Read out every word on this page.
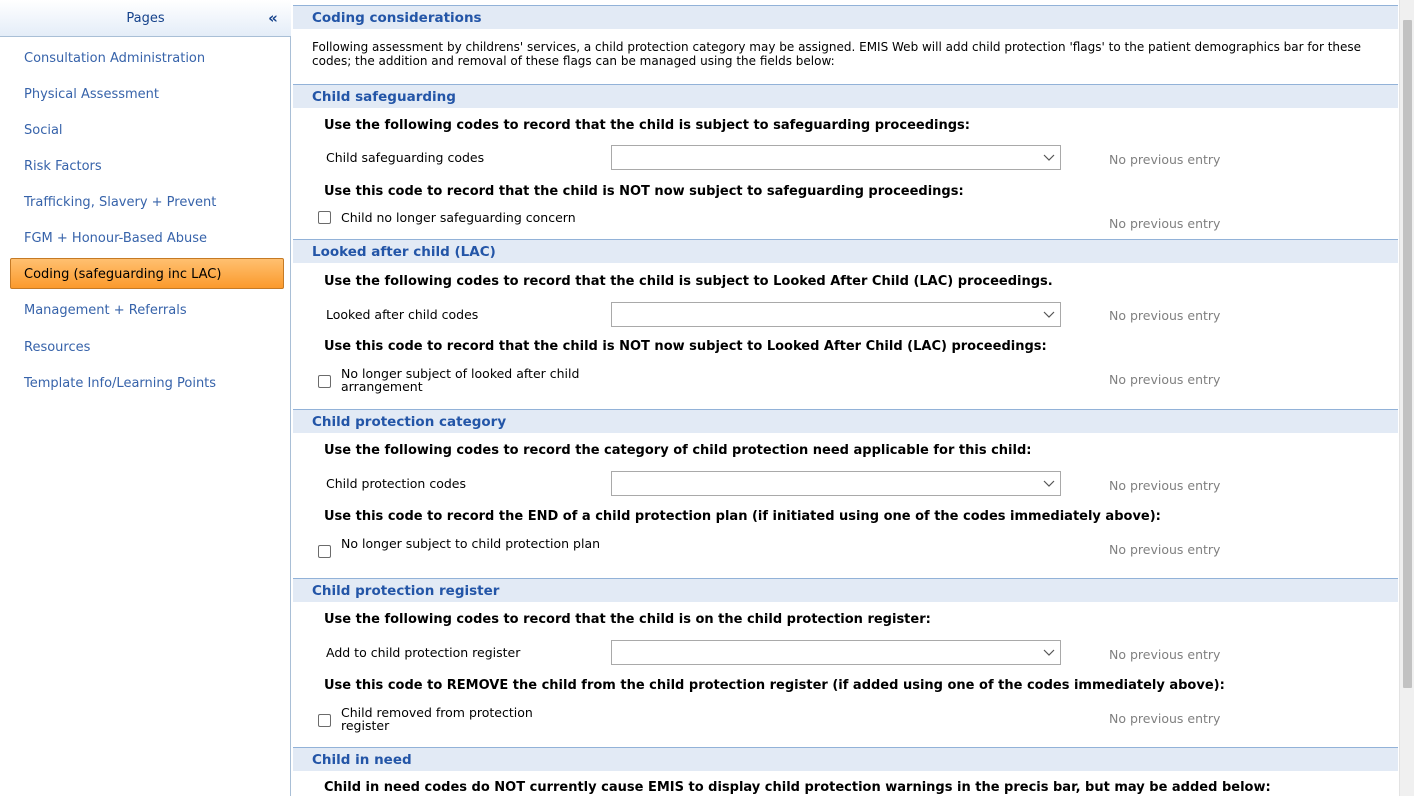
Pages	«
Consultation Administration
Physical Assessment
Social
Risk Factors
Trafficking, Slavery + Prevent
FGM + Honour-Based Abuse
Coding (safeguarding inc LAC)
Management + Referrals
Resources
Template Info/Learning Points
Coding considerations
Following assessment by childrens' services, a child protection category may be assigned. EMIS Web will add child protection 'flags' to the patient demographics bar for these codes; the addition and removal of these flags can be managed using the fields below:
Child safeguarding
Use the following codes to record that the child is subject to safeguarding proceedings:
Child safeguarding codes	No previous entry
Use this code to record that the child is NOT now subject to safeguarding proceedings:
Child no longer safeguarding concern	No previous entry
Looked after child (LAC)
Use the following codes to record that the child is subject to Looked After Child (LAC) proceedings.
Looked after child codes	No previous entry
Use this code to record that the child is NOT now subject to Looked After Child (LAC) proceedings:
No longer subject of looked after child arrangement	No previous entry
Child protection category
Use the following codes to record the category of child protection need applicable for this child:
Child protection codes	No previous entry
Use this code to record the END of a child protection plan (if initiated using one of the codes immediately above):
No longer subject to child protection plan	No previous entry
Child protection register
Use the following codes to record that the child is on the child protection register:
Add to child protection register	No previous entry
Use this code to REMOVE the child from the child protection register (if added using one of the codes immediately above):
Child removed from protection register	No previous entry
Child in need
Child in need codes do NOT currently cause EMIS to display child protection warnings in the precis bar, but may be added below:
